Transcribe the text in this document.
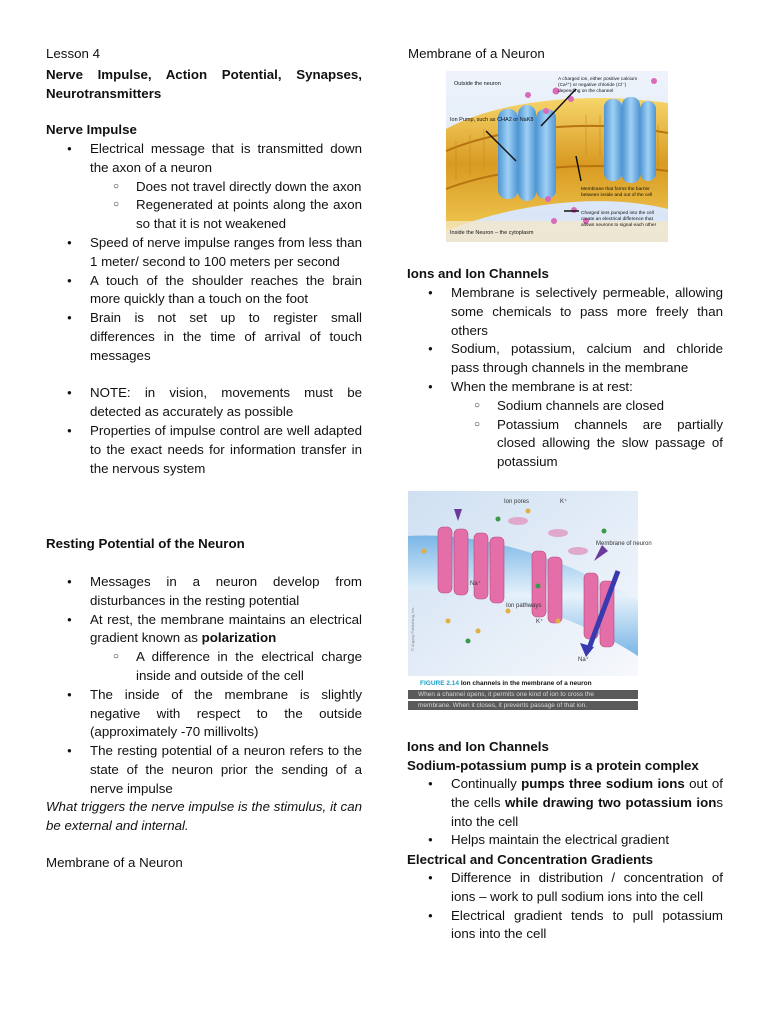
Lesson 4
Nerve Impulse, Action Potential, Synapses, Neurotransmitters
Nerve Impulse
● Electrical message that is transmitted down the axon of a neuron
○ Does not travel directly down the axon
○ Regenerated at points along the axon so that it is not weakened
● Speed of nerve impulse ranges from less than 1 meter/ second to 100 meters per second
● A touch of the shoulder reaches the brain more quickly than a touch on the foot
● Brain is not set up to register small differences in the time of arrival of touch messages
● NOTE: in vision, movements must be detected as accurately as possible
● Properties of impulse control are well adapted to the exact needs for information transfer in the nervous system
Resting Potential of the Neuron
● Messages in a neuron develop from disturbances in the resting potential
● At rest, the membrane maintains an electrical gradient known as polarization
○ A difference in the electrical charge inside and outside of the cell
● The inside of the membrane is slightly negative with respect to the outside (approximately -70 millivolts)
● The resting potential of a neuron refers to the state of the neuron prior the sending of a nerve impulse
What triggers the nerve impulse is the stimulus, it can be external and internal.
Membrane of a Neuron
Membrane of a Neuron
Outside the neuron
Ion Pump, such as CHA2 or NaK8
Inside the Neuron – the cytoplasm
A charged ion, either positive calcium (Ca²⁺) or negative chloride (Cl⁻) depending on the channel
Membrane that forms the barrier between inside and out of the cell
Charged ions pumped into the cell create an electrical difference that allows neurons to signal each other
Ions and Ion Channels
● Membrane is selectively permeable, allowing some chemicals to pass more freely than others
● Sodium, potassium, calcium and chloride pass through channels in the membrane
● When the membrane is at rest:
○ Sodium channels are closed
○ Potassium channels are partially closed allowing the slow passage of potassium
Ion pores	K⁺
Membrane of neuron
Na⁺
Ion pathways
K⁺
Na⁺
© Argosy Publishing, Inc.
FIGURE 2.14 Ion channels in the membrane of a neuron
When a channel opens, it permits one kind of ion to cross the
membrane. When it closes, it prevents passage of that ion.
Ions and Ion Channels
Sodium-potassium pump is a protein complex
● Continually pumps three sodium ions out of the cells while drawing two potassium ions into the cell
● Helps maintain the electrical gradient
Electrical and Concentration Gradients
● Difference in distribution / concentration of ions – work to pull sodium ions into the cell
● Electrical gradient tends to pull potassium ions into the cell
